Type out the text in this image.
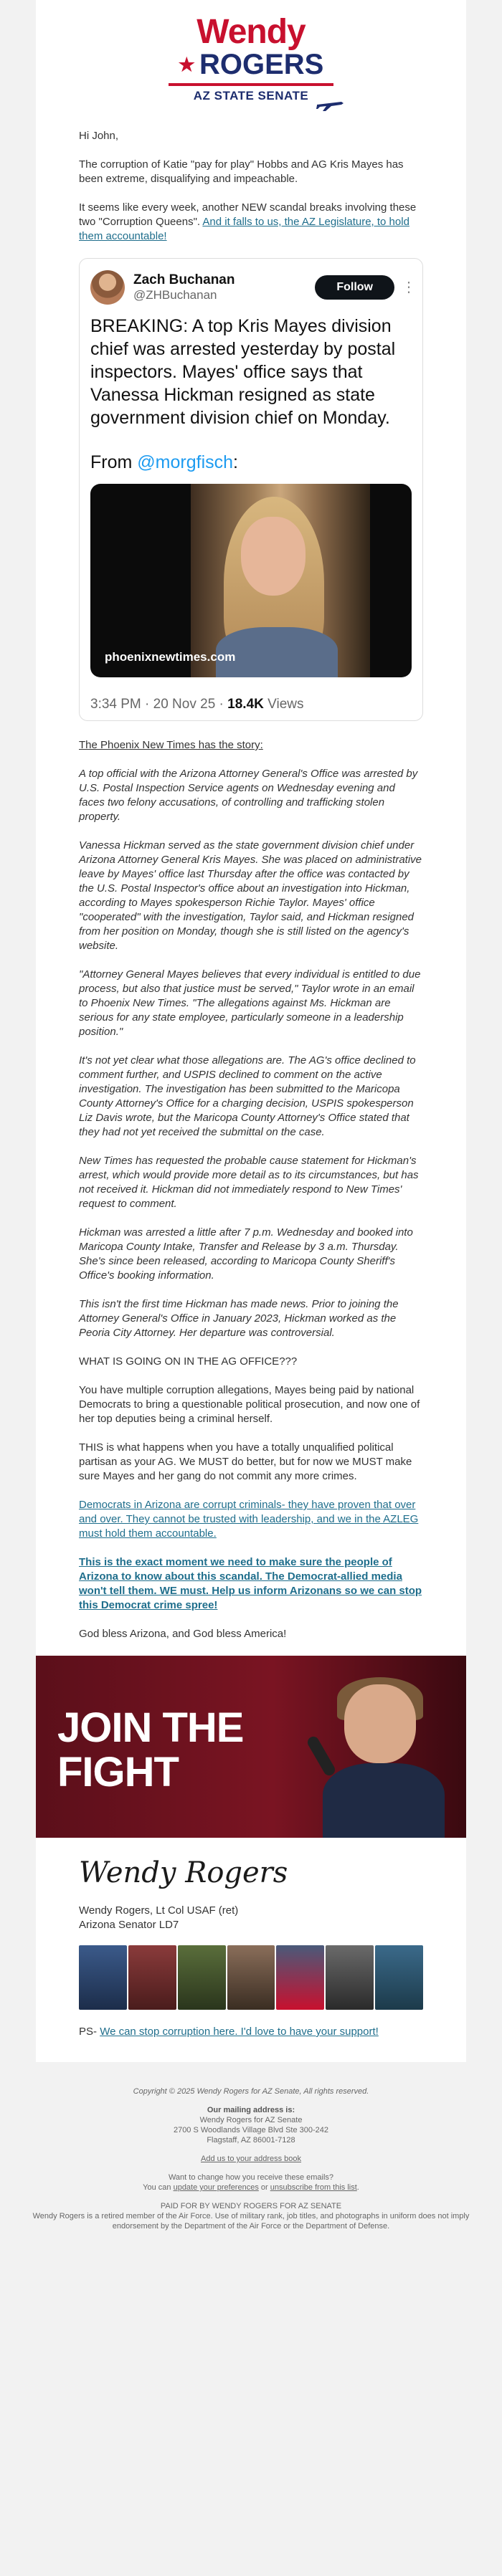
Wendy
★ ROGERS
AZ STATE SENATE

Hi John,

The corruption of Katie "pay for play" Hobbs and AG Kris Mayes has been extreme, disqualifying and impeachable.

It seems like every week, another NEW scandal breaks involving these two "Corruption Queens". And it falls to us, the AZ Legislature, to hold them accountable!

Zach Buchanan
@ZHBuchanan
Follow	⋮
BREAKING: A top Kris Mayes division chief was arrested yesterday by postal inspectors. Mayes' office says that Vanessa Hickman resigned as state government division chief on Monday.
From @morgfisch:
phoenixnewtimes.com
3:34 PM · 20 Nov 25 · 18.4K Views

The Phoenix New Times has the story:

A top official with the Arizona Attorney General's Office was arrested by U.S. Postal Inspection Service agents on Wednesday evening and faces two felony accusations, of controlling and trafficking stolen property.

Vanessa Hickman served as the state government division chief under Arizona Attorney General Kris Mayes. She was placed on administrative leave by Mayes' office last Thursday after the office was contacted by the U.S. Postal Inspector's office about an investigation into Hickman, according to Mayes spokesperson Richie Taylor. Mayes' office "cooperated" with the investigation, Taylor said, and Hickman resigned from her position on Monday, though she is still listed on the agency's website.

"Attorney General Mayes believes that every individual is entitled to due process, but also that justice must be served," Taylor wrote in an email to Phoenix New Times. "The allegations against Ms. Hickman are serious for any state employee, particularly someone in a leadership position."

It's not yet clear what those allegations are. The AG's office declined to comment further, and USPIS declined to comment on the active investigation. The investigation has been submitted to the Maricopa County Attorney's Office for a charging decision, USPIS spokesperson Liz Davis wrote, but the Maricopa County Attorney's Office stated that they had not yet received the submittal on the case.

New Times has requested the probable cause statement for Hickman's arrest, which would provide more detail as to its circumstances, but has not received it. Hickman did not immediately respond to New Times' request to comment.

Hickman was arrested a little after 7 p.m. Wednesday and booked into Maricopa County Intake, Transfer and Release by 3 a.m. Thursday. She's since been released, according to Maricopa County Sheriff's Office's booking information.

This isn't the first time Hickman has made news. Prior to joining the Attorney General's Office in January 2023, Hickman worked as the Peoria City Attorney. Her departure was controversial.

WHAT IS GOING ON IN THE AG OFFICE???

You have multiple corruption allegations, Mayes being paid by national Democrats to bring a questionable political prosecution, and now one of her top deputies being a criminal herself.

THIS is what happens when you have a totally unqualified political partisan as your AG. We MUST do better, but for now we MUST make sure Mayes and her gang do not commit any more crimes.

Democrats in Arizona are corrupt criminals- they have proven that over and over. They cannot be trusted with leadership, and we in the AZLEG must hold them accountable.

This is the exact moment we need to make sure the people of Arizona to know about this scandal. The Democrat-allied media won't tell them. WE must. Help us inform Arizonans so we can stop this Democrat crime spree!

God bless Arizona, and God bless America!

JOIN THE
FIGHT
Wendy Rogers

Wendy Rogers, Lt Col USAF (ret)
Arizona Senator LD7

PS- We can stop corruption here. I'd love to have your support!

Copyright © 2025 Wendy Rogers for AZ Senate, All rights reserved.

Our mailing address is:
Wendy Rogers for AZ Senate
2700 S Woodlands Village Blvd Ste 300-242
Flagstaff, AZ 86001-7128

Add us to your address book

Want to change how you receive these emails?
You can update your preferences or unsubscribe from this list.

PAID FOR BY WENDY ROGERS FOR AZ SENATE
Wendy Rogers is a retired member of the Air Force. Use of military rank, job titles, and photographs in uniform does not imply endorsement by the Department of the Air Force or the Department of Defense.
